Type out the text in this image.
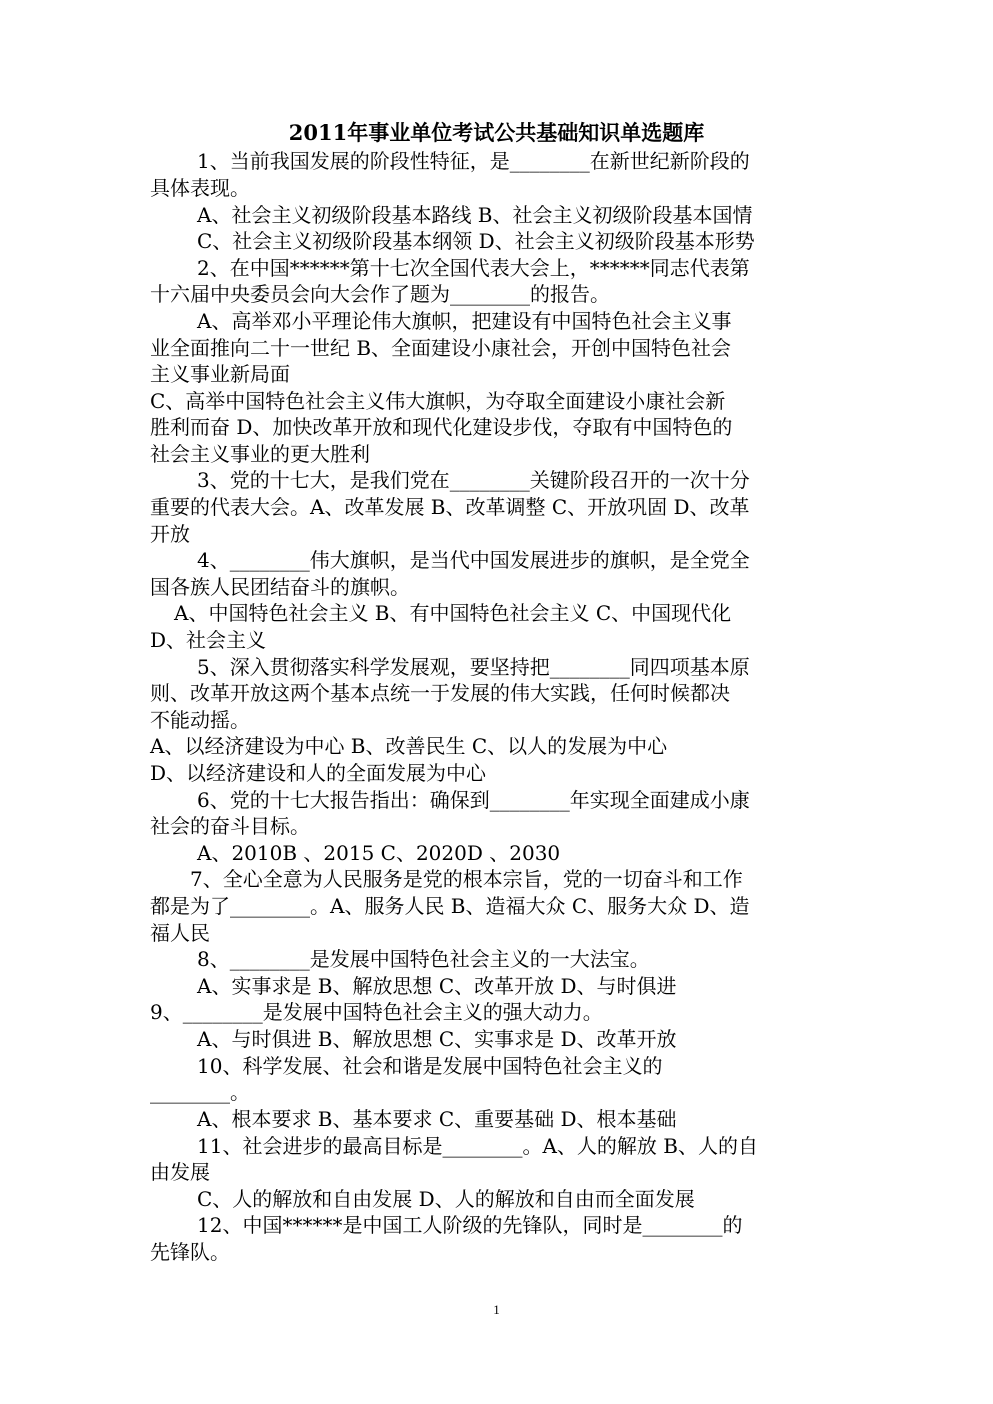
2011年事业单位考试公共基础知识单选题库
1、当前我国发展的阶段性特征，是________在新世纪新阶段的
具体表现。
A、社会主义初级阶段基本路线 B、社会主义初级阶段基本国情
C、社会主义初级阶段基本纲领 D、社会主义初级阶段基本形势
2、在中国******第十七次全国代表大会上，******同志代表第
十六届中央委员会向大会作了题为________的报告。
A、高举邓小平理论伟大旗帜，把建设有中国特色社会主义事
业全面推向二十一世纪 B、全面建设小康社会，开创中国特色社会
主义事业新局面
C、高举中国特色社会主义伟大旗帜，为夺取全面建设小康社会新
胜利而奋 D、加快改革开放和现代化建设步伐，夺取有中国特色的
社会主义事业的更大胜利
3、党的十七大，是我们党在________关键阶段召开的一次十分
重要的代表大会。A、改革发展 B、改革调整 C、开放巩固 D、改革
开放
4、________伟大旗帜，是当代中国发展进步的旗帜，是全党全
国各族人民团结奋斗的旗帜。
A、中国特色社会主义 B、有中国特色社会主义 C、中国现代化
D、社会主义
5、深入贯彻落实科学发展观，要坚持把________同四项基本原
则、改革开放这两个基本点统一于发展的伟大实践，任何时候都决
不能动摇。
A、以经济建设为中心 B、改善民生 C、以人的发展为中心
D、以经济建设和人的全面发展为中心
6、党的十七大报告指出：确保到________年实现全面建成小康
社会的奋斗目标。
A、2010B 、2015 C、2020D 、2030
7、全心全意为人民服务是党的根本宗旨，党的一切奋斗和工作
都是为了________。A、服务人民 B、造福大众 C、服务大众 D、造
福人民
8、________是发展中国特色社会主义的一大法宝。
A、实事求是 B、解放思想 C、改革开放 D、与时俱进
9、________是发展中国特色社会主义的强大动力。
A、与时俱进 B、解放思想 C、实事求是 D、改革开放
10、科学发展、社会和谐是发展中国特色社会主义的
________。
A、根本要求 B、基本要求 C、重要基础 D、根本基础
11、社会进步的最高目标是________。A、人的解放 B、人的自
由发展
C、人的解放和自由发展 D、人的解放和自由而全面发展
12、中国******是中国工人阶级的先锋队，同时是________的
先锋队。
1
